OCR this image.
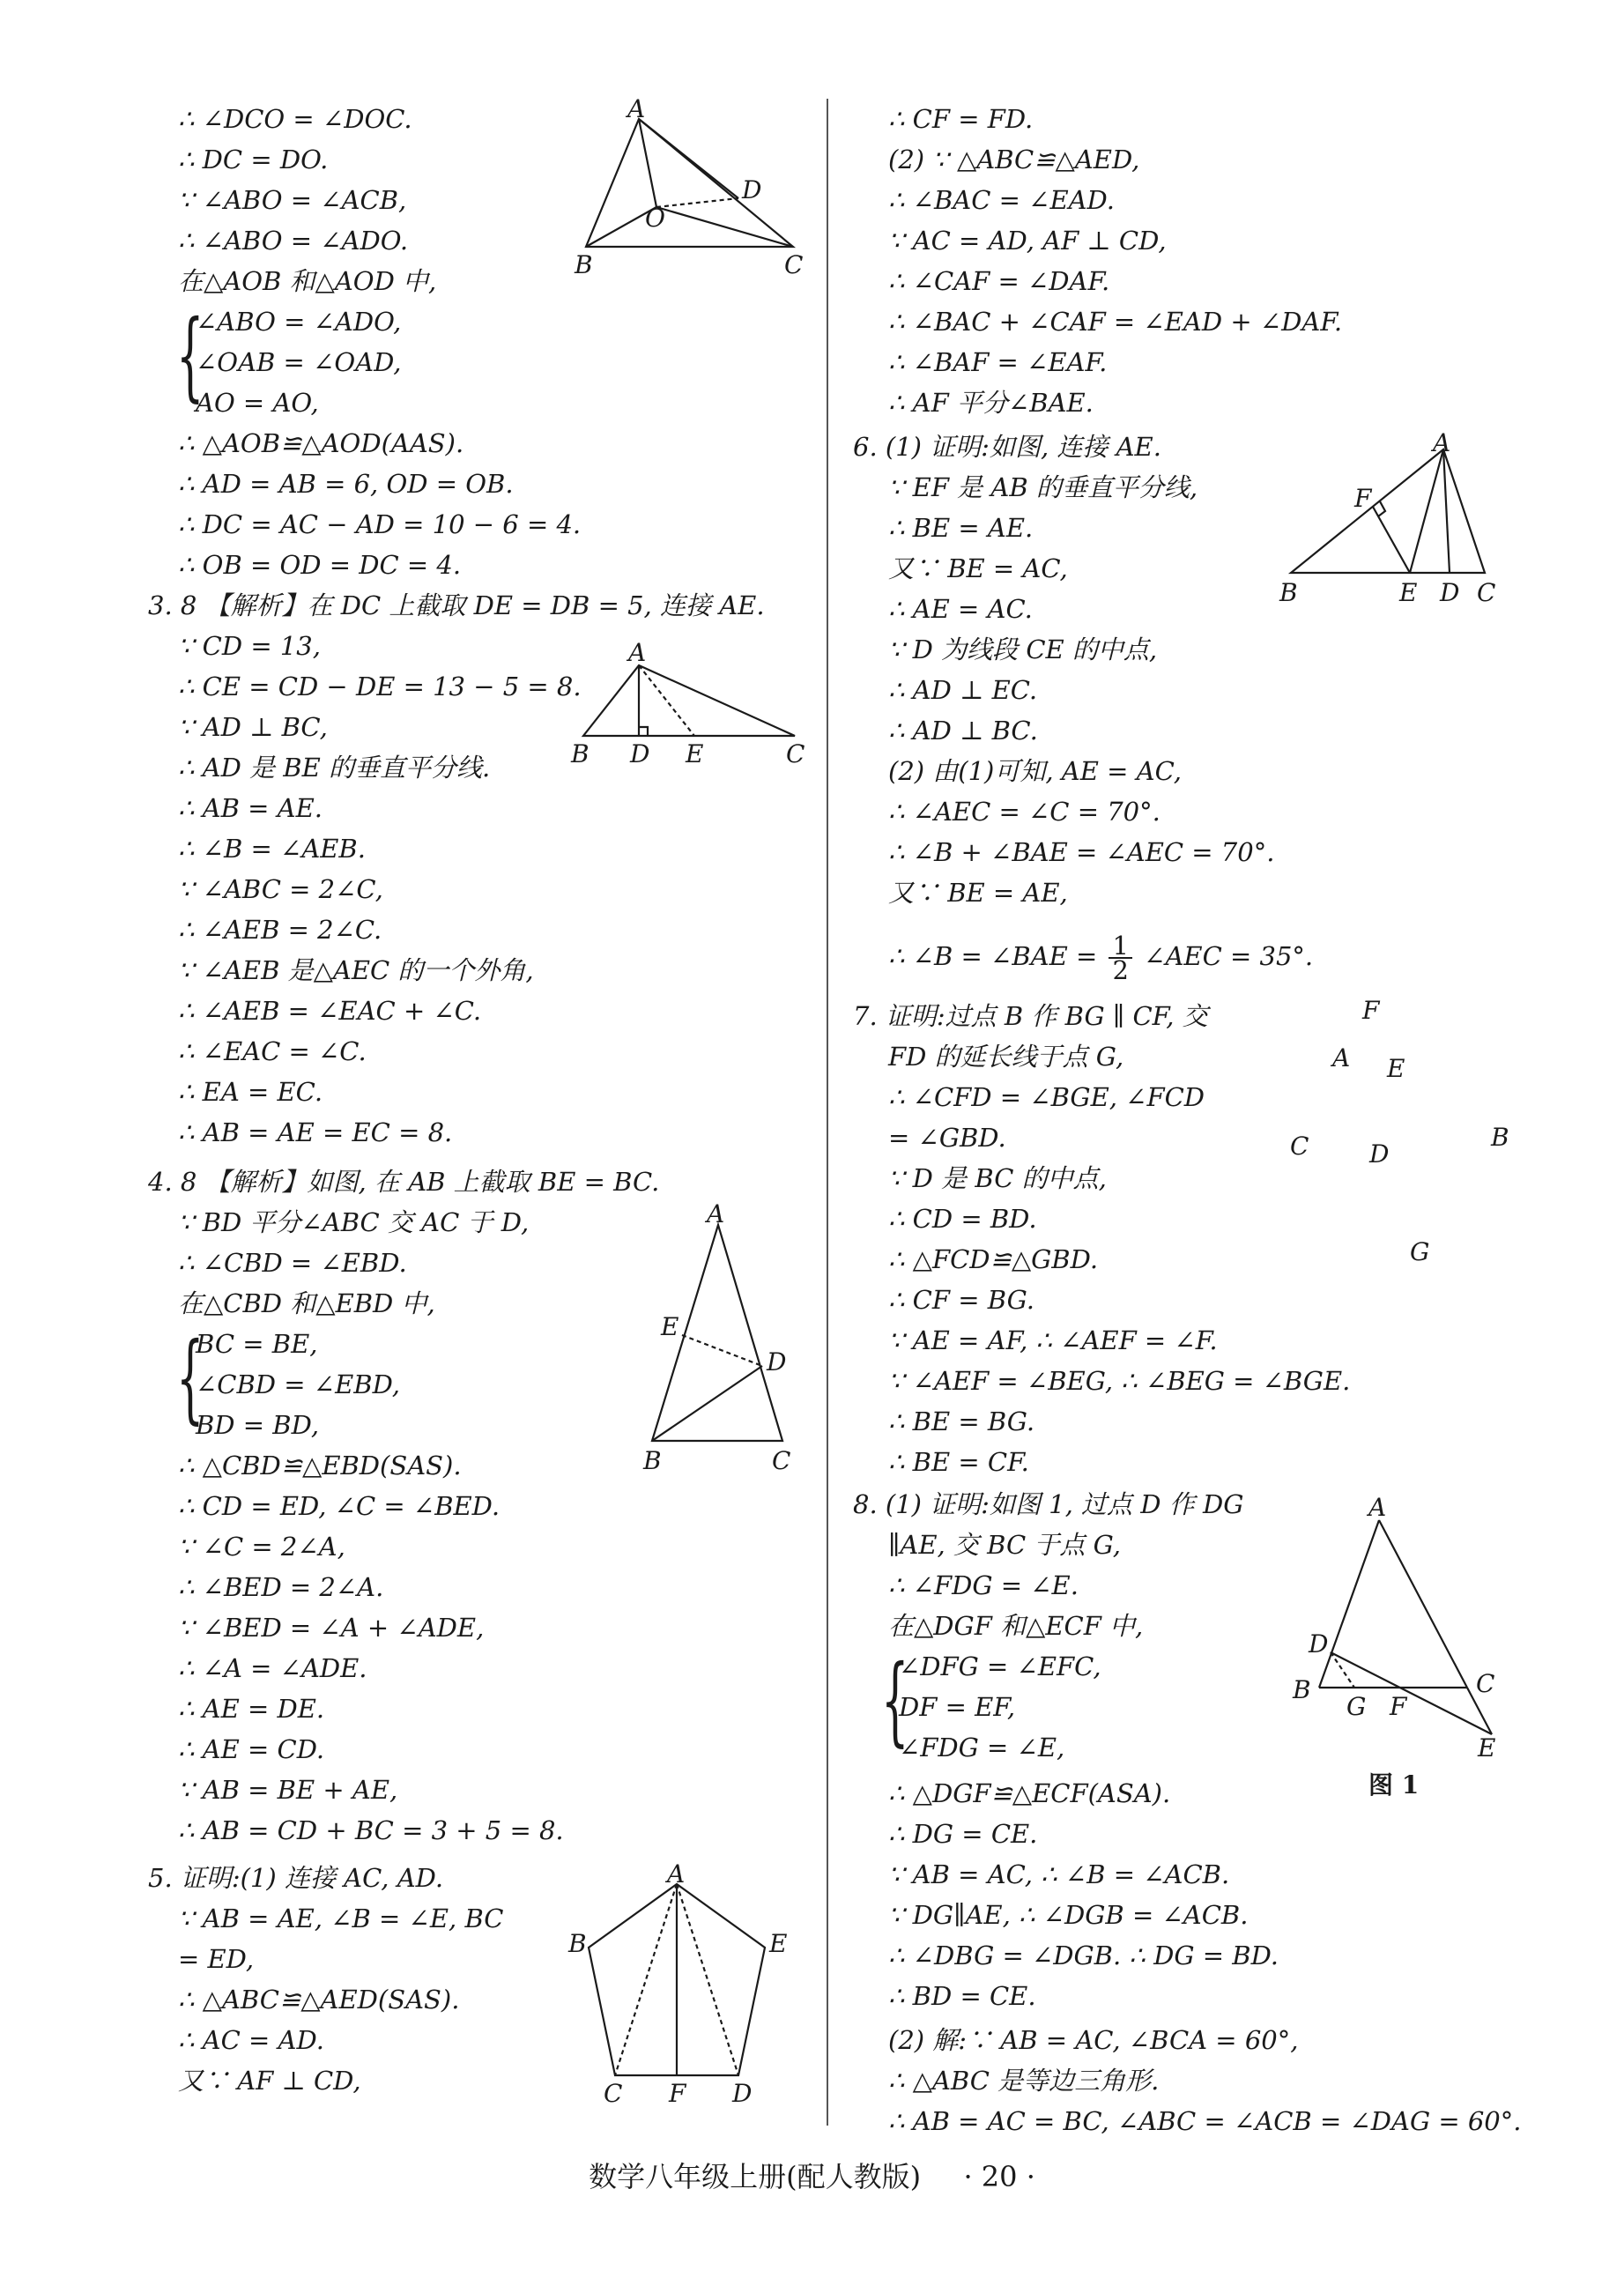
∴ ∠DCO = ∠DOC.
∴ DC = DO.
∵ ∠ABO = ∠ACB,
∴ ∠ABO = ∠ADO.
在△AOB 和△AOD 中,
{
∠ABO = ∠ADO,
∠OAB = ∠OAD,
AO = AO,
∴ △AOB≌△AOD(AAS).
∴ AD = AB = 6, OD = OB.
∴ DC = AC − AD = 10 − 6 = 4.
∴ OB = OD = DC = 4.
3. 8 【解析】在 DC 上截取 DE = DB = 5, 连接 AE.
∵ CD = 13,
∴ CE = CD − DE = 13 − 5 = 8.
∵ AD ⊥ BC,
∴ AD 是 BE 的垂直平分线.
∴ AB = AE.
∴ ∠B = ∠AEB.
∵ ∠ABC = 2∠C,
∴ ∠AEB = 2∠C.
∵ ∠AEB 是△AEC 的一个外角,
∴ ∠AEB = ∠EAC + ∠C.
∴ ∠EAC = ∠C.
∴ EA = EC.
∴ AB = AE = EC = 8.
4. 8 【解析】如图, 在 AB 上截取 BE = BC.
∵ BD 平分∠ABC 交 AC 于 D,
∴ ∠CBD = ∠EBD.
在△CBD 和△EBD 中,
{
BC = BE,
∠CBD = ∠EBD,
BD = BD,
∴ △CBD≌△EBD(SAS).
∴ CD = ED, ∠C = ∠BED.
∵ ∠C = 2∠A,
∴ ∠BED = 2∠A.
∵ ∠BED = ∠A + ∠ADE,
∴ ∠A = ∠ADE.
∴ AE = DE.
∴ AE = CD.
∵ AB = BE + AE,
∴ AB = CD + BC = 3 + 5 = 8.
5. 证明:(1) 连接 AC, AD.
∵ AB = AE, ∠B = ∠E, BC
= ED,
∴ △ABC≌△AED(SAS).
∴ AC = AD.
又∵ AF ⊥ CD,
∴ CF = FD.
(2) ∵ △ABC≌△AED,
∴ ∠BAC = ∠EAD.
∵ AC = AD, AF ⊥ CD,
∴ ∠CAF = ∠DAF.
∴ ∠BAC + ∠CAF = ∠EAD + ∠DAF.
∴ ∠BAF = ∠EAF.
∴ AF 平分∠BAE.
6. (1) 证明:如图, 连接 AE.
∵ EF 是 AB 的垂直平分线,
∴ BE = AE.
又∵ BE = AC,
∴ AE = AC.
∵ D 为线段 CE 的中点,
∴ AD ⊥ EC.
∴ AD ⊥ BC.
(2) 由(1)可知, AE = AC,
∴ ∠AEC = ∠C = 70°.
∴ ∠B + ∠BAE = ∠AEC = 70°.
又∵ BE = AE,
∴ ∠B = ∠BAE = $\frac{1}{2}$ ∠AEC = 35°.
7. 证明:过点 B 作 BG ∥ CF, 交
FD 的延长线于点 G,
∴ ∠CFD = ∠BGE, ∠FCD
= ∠GBD.
∵ D 是 BC 的中点,
∴ CD = BD.
∴ △FCD≌△GBD.
∴ CF = BG.
∵ AE = AF, ∴ ∠AEF = ∠F.
∵ ∠AEF = ∠BEG, ∴ ∠BEG = ∠BGE.
∴ BE = BG.
∴ BE = CF.
8. (1) 证明:如图 1, 过点 D 作 DG
∥AE, 交 BC 于点 G,
∴ ∠FDG = ∠E.
在△DGF 和△ECF 中,
{
∠DFG = ∠EFC,
DF = EF,
∠FDG = ∠E,
∴ △DGF≌△ECF(ASA).
∴ DG = CE.
∵ AB = AC, ∴ ∠B = ∠ACB.
∵ DG∥AE, ∴ ∠DGB = ∠ACB.
∴ ∠DBG = ∠DGB. ∴ DG = BD.
∴ BD = CE.
(2) 解:∵ AB = AC, ∠BCA = 60°,
∴ △ABC 是等边三角形.
∴ AB = AC = BC, ∠ABC = ∠ACB = ∠DAG = 60°.
A
D
O
B	C
A
B D E	C
A
E
D
B	C
A
B	E
C F D
A
F
B	E D C
F
A E
C D
B
G
A
D
B
G F
C
E
图 1
数学八年级上册(配人教版) · 20 ·
